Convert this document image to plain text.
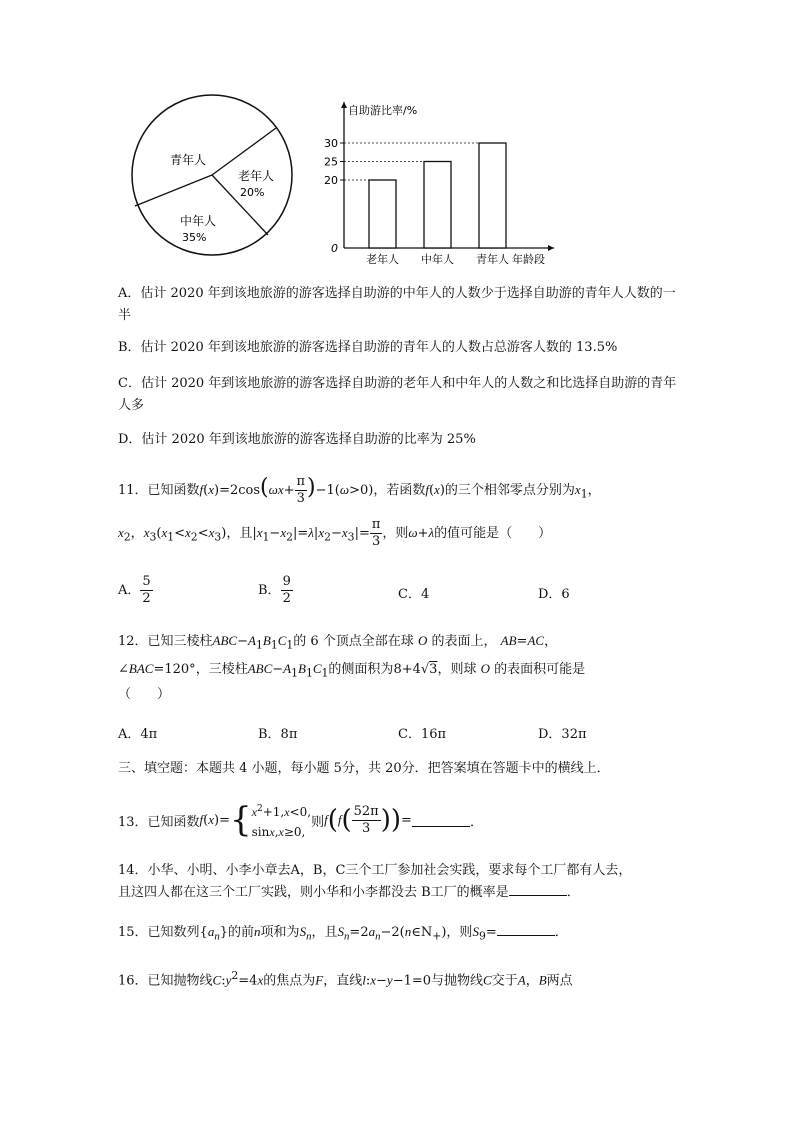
青年人
老年人
20%
中年人
35%
自助游比率/%
年龄段
0
20
25
30
老年人 中年人 青年人
A．估计 2020 年到该地旅游的游客选择自助游的中年人的人数少于选择自助游的青年人人数的一半
B．估计 2020 年到该地旅游的游客选择自助游的青年人的人数占总游客人数的 13.5%
C．估计 2020 年到该地旅游的游客选择自助游的老年人和中年人的人数之和比选择自助游的青年人多
D．估计 2020 年到该地旅游的游客选择自助游的比率为 25%
11．已知函数$f(x)=2\cos(\omega x+ \frac{\pi}{3} )-1(\omega>0)$，若函数f(x)的三个相邻零点分别为$x_1$，
$x_2$，$x_3(x_1<x_2<x_3)$，且$|x_1-x_2|=\lambda|x_2-x_3|= \frac{\pi}{3}$ ，则ω+λ的值可能是（　　）
A． $\frac{5}{2}$	B． $\frac{9}{2}$	C．4	D．6
12．已知三棱柱$ABC-A_1B_1C_1$的 6 个顶点全部在球 O 的表面上， AB=AC，
∠BAC=120°，三棱柱$ABC-A_1B_1C_1$的侧面积为8+4√3，则球 O 的表面积可能是
（　　）
A．4π	B．8π	C．16π	D．32π
三、填空题：本题共 4 小题，每小题 5分，共 20分．把答案填在答题卡中的横线上．
13．已知函数 f ( x )= { $x^2+1,x<0$,
sinx,x≥0,
则 f ( f ( $\frac{52\pi}{3}$ )) =	．
14．小华、小明、小李小章去A，B，C三个工厂参加社会实践，要求每个工厂都有人去，
且这四人都在这三个工厂实践，则小华和小李都没去 B工厂的概率是	．
15．已知数列$\{a_n\}$的前n项和为$S_n$，且$S_n=2a_n-2(n\in N_+)$，则$S_9=$	．
16．已知抛物线$C:y^2=4x$的焦点为F，直线l:x−y−1=0与抛物线C交于A，B两点
